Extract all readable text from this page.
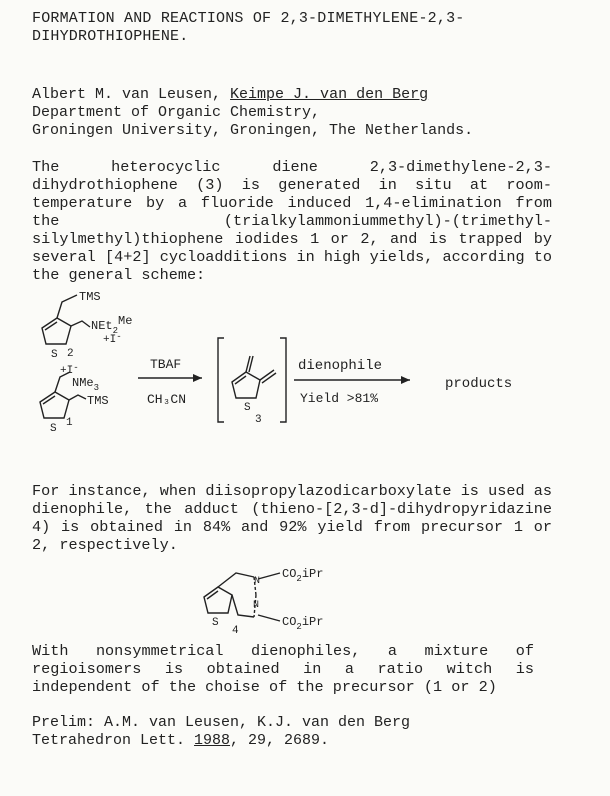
FORMATION AND REACTIONS OF 2,3-DIMETHYLENE-2,3-
DIHYDROTHIOPHENE.
Albert M. van Leusen, Keimpe J. van den Berg
Department of Organic Chemistry,
Groningen University, Groningen, The Netherlands.
The heterocyclic diene 2,3-dimethylene-2,3-dihydrothiophene (3) is generated in situ at room-temperature by a fluoride induced 1,4-elimination from the (trialkylammoniummethyl)-(trimethyl-silylmethyl)thiophene iodides 1 or 2, and is trapped by several [4+2] cycloadditions in high yields, according to the general scheme:
TMS
NEt$_2$Me
+I-
S 2
+I-
NMe$_3$
TMS
S 1
TBAF
CH₃CN
S
3
dienophile
Yield >81%
products
For instance, when diisopropylazodicarboxylate is used as dienophile, the adduct (thieno-[2,3-d]-dihydropyridazine 4) is obtained in 84% and 92% yield from precursor 1 or 2, respectively.
N
N
$CO_2iPr$
$CO_2iPr$
S
4
With nonsymmetrical dienophiles, a mixture of regioisomers is obtained in a ratio witch is independent of the choise of the precursor (1 or 2)
Prelim: A.M. van Leusen, K.J. van den Berg
Tetrahedron Lett. 1988, 29, 2689.
